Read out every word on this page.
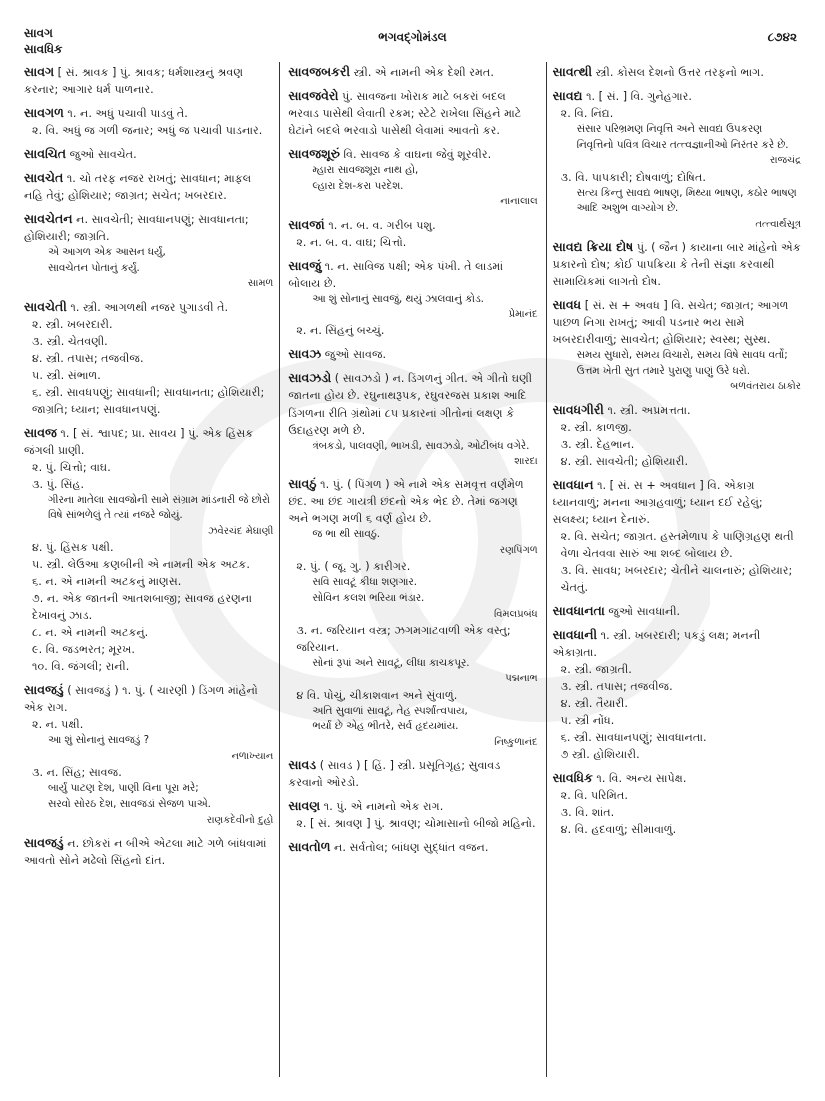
સાવગ
સાવધિક
ભગવદ્ગોમંડલ	૮૭૪૨
સાવગ [ સં. શ્રાવક ] પું. શ્રાવક; ધર્મશાસ્ત્રનું શ્રવણ કરનાર; આગાર ધર્મ પાળનાર.
સાવગળ ૧. ન. અધું પચાવી પાડવું તે.
૨. વિ. અધું જ ગળી જનાર; અધું જ પચાવી પાડનાર.
સાવચિત જુઓ સાવચેત.
સાવચેત ૧. ચો તરફ નજર રાખતું; સાવધાન; માફલ નહિ તેવું; હોશિયાર; જાગ્રત; સચેત; ખબરદાર.
સાવચેતન ન. સાવચેતી; સાવધાનપણું; સાવધાનતા; હોશિયારી; જાગ્રતિ.
એ આગળ એક આસન ધર્યું,
સાવચેતન પોતાનું કર્યું.
સામળ
સાવચેતી ૧. સ્ત્રી. આગળથી નજર પુગાડવી તે.
૨. સ્ત્રી. ખબરદારી.
૩. સ્ત્રી. ચેતવણી.
૪. સ્ત્રી. તપાસ; તજવીજ.
૫. સ્ત્રી. સંભાળ.
૬. સ્ત્રી. સાવધપણું; સાવધાની; સાવધાનતા; હોશિયારી; જાગ્રતિ; ધ્યાન; સાવધાનપણું.
સાવજ ૧. [ સં. શ્વાપદ; પ્રા. સાવય ] પું. એક હિંસક જંગલી પ્રાણી.
૨. પું. ચિત્તો; વાઘ.
૩. પું. સિંહ.
ગીરના માતેલા સાવજોની સામે સંગ્રામ માંડનારી જે છોરો વિષે સાંભળેલું તે ત્યાં નજરે જોયું.
ઝવેરચંદ મેઘાણી
૪. પું. હિંસક પક્ષી.
૫. સ્ત્રી. લેઉઆ કણબીની એ નામની એક અટક.
૬. ન. એ નામની અટકનું માણસ.
૭. ન. એક જાતની આતશબાજી; સાવજ હરણના દેખાવનું ઝાડ.
૮. ન. એ નામની અટકનું.
૯. વિ. જડભરત; મૂરખ.
૧૦. વિ. જંગલી; રાની.
સાવજડું ( સાવજડું ) ૧. પું. ( ચારણી ) ડિંગળ માંહેનો એક રાગ.
૨. ન. પક્ષી.
આ શું સોનાનું સાવજડું ?
નળાખ્યાન
૩. ન. સિંહ; સાવજ.
બાર્યું પાટણ દેશ, પાણી વિના પૂરા મરે;
સરવો સોરઠ દેશ, સાવજડાં સેજળ પાએ.
રાણકદેવીનો દુહો
સાવજડું ન. છોકરાં ન બીએ એટલા માટે ગળે બાંધવામાં આવતો સોને મઢેલો સિંહનો દાંત.
સાવજબકરી સ્ત્રી. એ નામની એક દેશી રમત.
સાવજવેરો પું. સાવજના ખોરાક માટે બકરાં બદલ ભરવાડ પાસેથી લેવાતી રકમ; સ્ટેટે રાખેલા સિંહને માટે ઘેટાંને બદલે ભરવાડો પાસેથી લેવામાં આવતો કર.
સાવજશૂરું વિ. સાવજ કે વાઘના જેવું શૂરવીર.
મ્હારા સાવજશૂરા નાથ હો,
લ્હારા દેશ-કરા પરદેશ.
નાનાલાલ
સાવજાં ૧. ન. બ. વ. ગરીબ પશુ.
૨. ન. બ. વ. વાઘ; ચિત્તો.
સાવજું ૧. ન. સાવિજ પક્ષી; એક પંખી. તે લાડમાં બોલાય છે.
આ શું સોનાનું સાવજું, થયું ઝાલવાનું કોડ.
પ્રેમાનંદ
૨. ન. સિંહનું બચ્ચું.
સાવઝ જુઓ સાવજ.
સાવઝડો ( સાવઝડો ) ન. ડિંગળનું ગીત. એ ગીતો ઘણી જાતના હોય છે. રઘુનાથરૂપક, રઘુવરજસ પ્રકાશ આદિ ડિંગળના રીતિ ગ્રંથોમાં ૮૫ પ્રકારનાં ગીતોનાં લક્ષણ કે ઉદાહરણ મળે છે.
ત્રંબકડો, પાલવણી, ભાખડી, સાવઝડો, ઓટીબંધ વગેરે.
શારદા
સાવઠું ૧. પું. ( પિંગળ ) એ નામે એક સમવૃત્ત વર્ણમેળ છંદ. આ છંદ ગાયત્રી છંદનો એક ભેદ છે. તેમાં જગણ અને ભગણ મળી ૬ વર્ણ હોય છે.
જ ભા થી સાવઠું.
રણપિંગળ
૨. પું. ( જૂ. ગુ. ) કારીગર.
સવિ સાવટૂં કીધા શણગાર.
સોવિન કલશ ભરિયા ભંડાર.
વિમલપ્રબંધ
૩. ન. જરિયાન વસ્ત્ર; ઝગમગાટવાળી એક વસ્તુ; જરિયાન.
સોનાં રૂપાં અને સાવટૂં, લીધા કાચકપૂર.
પદ્મનાભ
૪ વિ. પોચું, ચીકાશવાન અને સુંવાળું.
અતિ સુવાળાં સાવટૂં, તેહ સ્પર્શાંત્વપાય,
ભર્યાં છે એહ ભીતરે, સર્વ હૃદયમાંય.
નિષ્કુળાનંદ
સાવડ ( સાવડ ) [ હિં. ] સ્ત્રી. પ્રસૂતિગૃહ; સુવાવડ કરવાનો ઓરડો.
સાવણ ૧. પું. એ નામનો એક રાગ.
૨. [ સં. શ્રાવણ ] પું. શ્રાવણ; ચોમાસાનો બીજો મહિનો.
સાવતોળ ન. સર્વતોલ; બાંધણ સુદ્ધાંત વજન.
સાવત્થી સ્ત્રી. કોસલ દેશનો ઉત્તર તરફનો ભાગ.
સાવદ્ય ૧. [ સં. ] વિ. ગુનેહગાર.
૨. વિ. નિંદ્ય.
સંસાર પરિભ્રમણ નિવૃત્તિ અને સાવદ્ય ઉપકરણ નિવૃત્તિનો પવિત્ર વિચાર તત્ત્વજ્ઞાનીઓ નિરંતર કરે છે.
રાજચંદ્ર
૩. વિ. પાપકારી; દોષવાળું; દોષિત.
સત્ય કિન્તુ સાવદ્ય ભાષણ, મિથ્યા ભાષણ, કઠોર ભાષણ આદિ અશુભ વાગ્યોગ છે.
તત્ત્વાર્થસૂત્ર
સાવદ્ય ક્રિયા દોષ પું. ( જૈન ) કાયાના બાર માંહેનો એક પ્રકારનો દોષ; કોઈ પાપક્રિયા કે તેની સંજ્ઞા કરવાથી સામાયિકમાં લાગતો દોષ.
સાવધ [ સં. સ + અવધ ] વિ. સચેત; જાગ્રત; આગળ પાછળ નિગા રાખતું; આવી પડનાર ભય સામે ખબરદારીવાળું; સાવચેત; હોશિયાર; સ્વસ્થ; સુસ્થ.
સમય સુધારો, સમય વિચારો, સમય વિષે સાવધ વર્તો;
ઉત્તમ ખેતી સુત તમારે પુરાણુ પાણું ઉરે ધરો.
બળવંતરાય ઠાકોર
સાવધગીરી ૧. સ્ત્રી. અપ્રમત્તતા.
૨. સ્ત્રી. કાળજી.
૩. સ્ત્રી. દેહભાન.
૪. સ્ત્રી. સાવચેતી; હોશિયારી.
સાવધાન ૧. [ સં. સ + અવધાન ] વિ. એકાગ્ર ધ્યાનવાળું; મનના આગ્રહવાળું; ધ્યાન દઈ રહેલું; સલક્ષ્ય; ધ્યાન દેનારું.
૨. વિ. સચેત; જાગ્રત. હસ્તમેળાપ કે પાણિગ્રહણ થતી વેળા ચેતવવા સારું આ શબ્દ બોલાય છે.
૩. વિ. સાવધ; ખબરદાર; ચેતીને ચાલનારું; હોશિયાર; ચેતતું.
સાવધાનતા જુઓ સાવધાની.
સાવધાની ૧. સ્ત્રી. ખબરદારી; પકડું લક્ષ; મનની એકાગ્રતા.
૨. સ્ત્રી. જાગ્રતી.
૩. સ્ત્રી. તપાસ; તજવીજ.
૪. સ્ત્રી. તૈયારી.
૫. સ્ત્રી નોંધ.
૬. સ્ત્રી. સાવધાનપણું; સાવધાનતા.
૭ સ્ત્રી. હોશિયારી.
સાવધિક ૧. વિ. અન્ય સાપેક્ષ.
૨. વિ. પરિમિત.
૩. વિ. શાંત.
૪. વિ. હદવાળું; સીમાવાળું.
